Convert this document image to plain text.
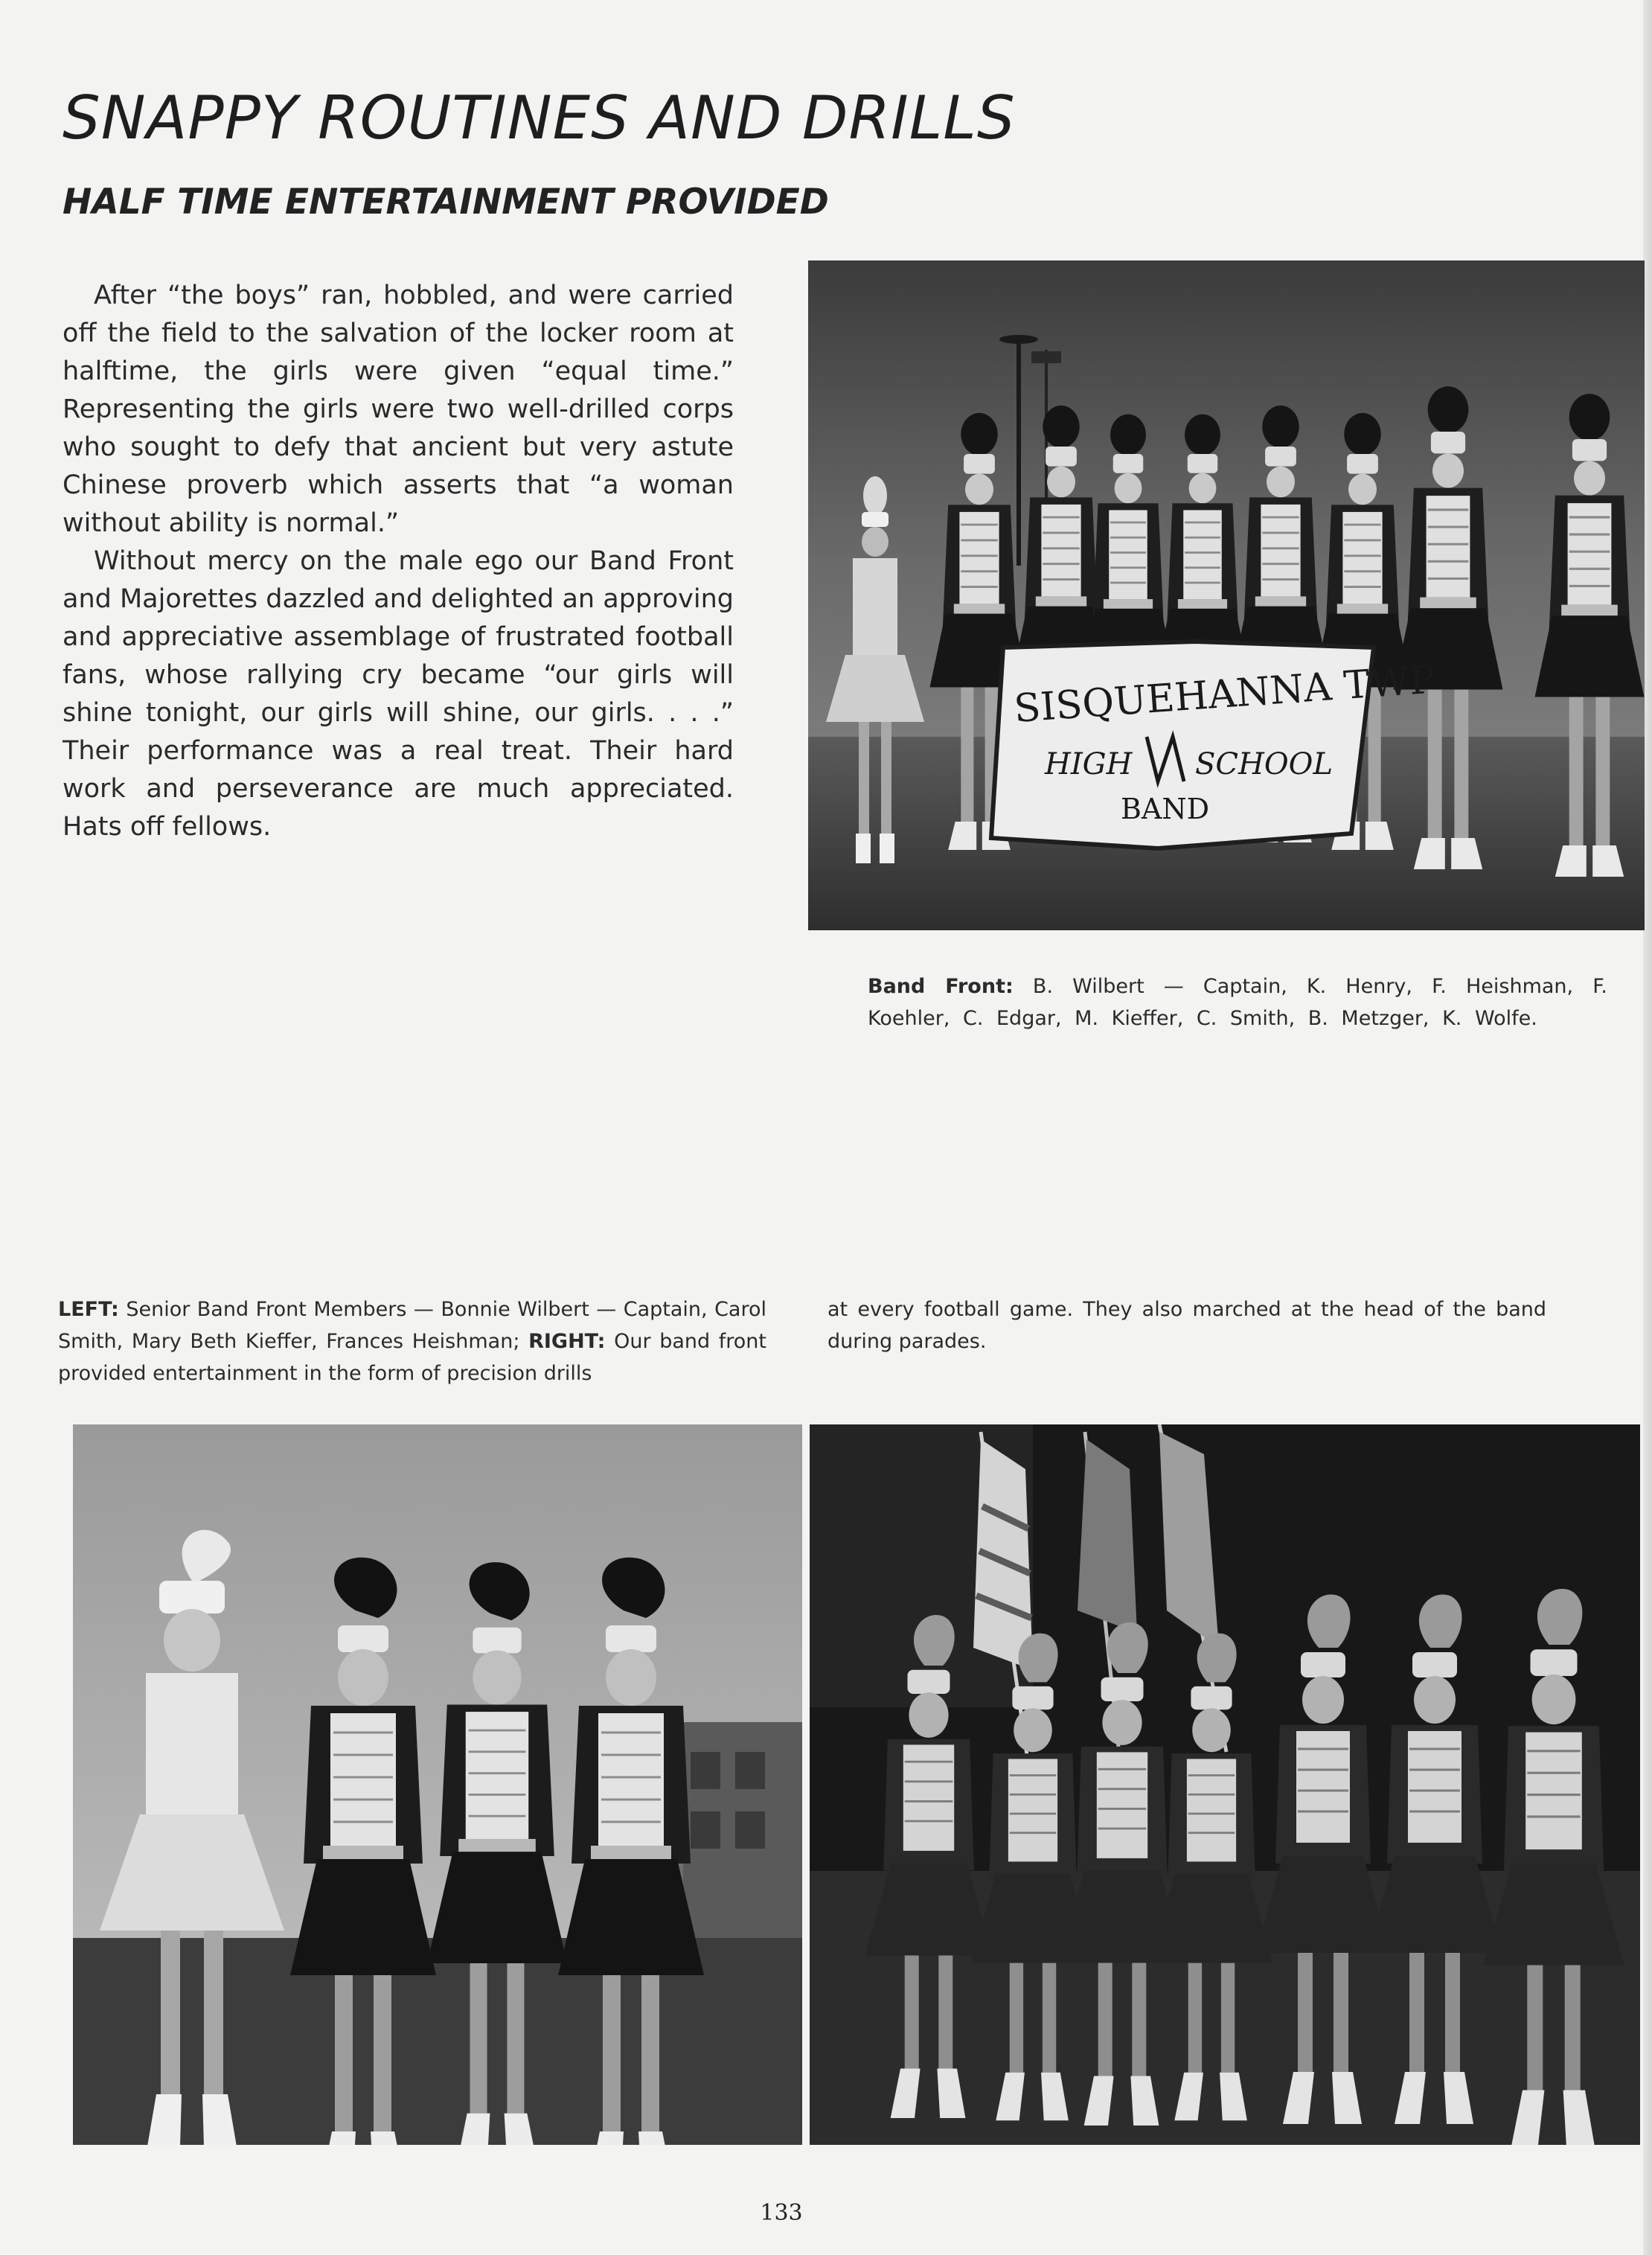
SNAPPY ROUTINES AND DRILLS
HALF TIME ENTERTAINMENT PROVIDED

After “the boys” ran, hobbled, and were carried off the field to the salvation of the locker room at halftime, the girls were given “equal time.” Representing the girls were two well-drilled corps who sought to defy that ancient but very astute Chinese proverb which asserts that “a woman without ability is normal.”

Without mercy on the male ego our Band Front and Majorettes dazzled and delighted an approving and appreciative assemblage of frustrated football fans, whose rallying cry became “our girls will shine tonight, our girls will shine, our girls. . . .” Their performance was a real treat. Their hard work and perseverance are much appreciated. Hats off fellows.

SISQUEHANNA TWP
HIGH SCHOOL
BAND

Band Front: B. Wilbert — Captain, K. Henry, F. Heishman, F. Koehler, C. Edgar, M. Kieffer, C. Smith, B. Metzger, K. Wolfe.

LEFT: Senior Band Front Members — Bonnie Wilbert — Captain, Carol Smith, Mary Beth Kieffer, Frances Heishman; RIGHT: Our band front provided entertainment in the form of precision drills

at every football game. They also marched at the head of the band during parades.

133
